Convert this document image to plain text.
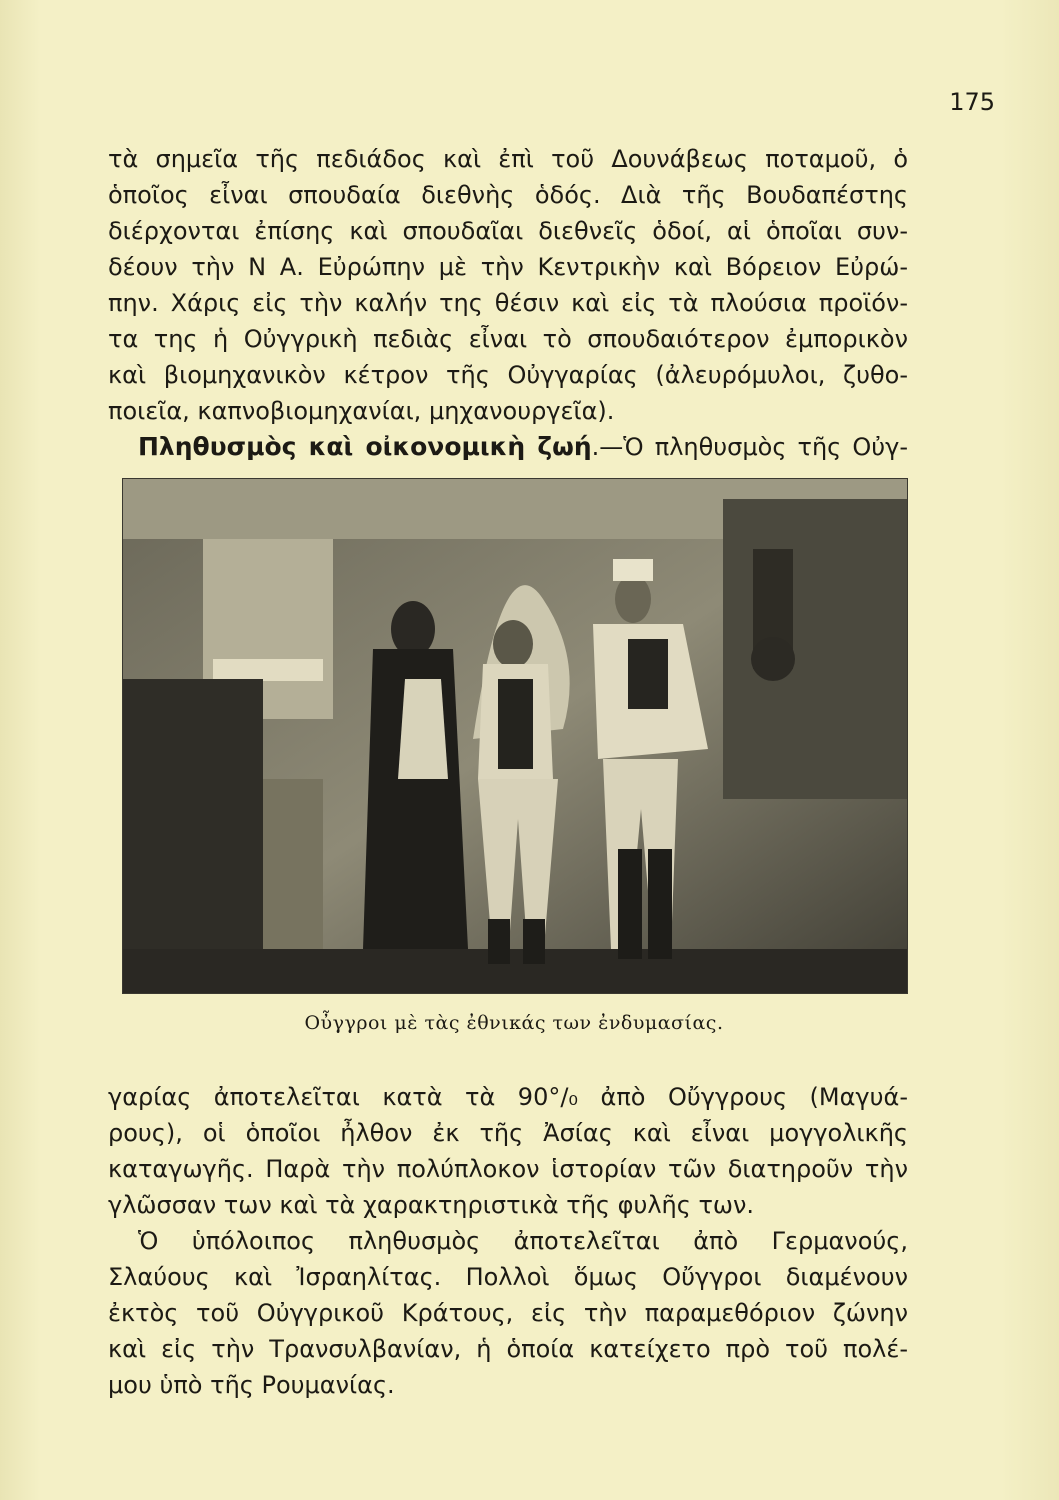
175
τὰ σημεῖα τῆς πεδιάδος καὶ ἐπὶ τοῦ Δουνάβεως ποταμοῦ, ὁ
ὁποῖος εἶναι σπουδαία διεθνὴς ὁδός. Διὰ τῆς Βουδαπέστης
διέρχονται ἐπίσης καὶ σπουδαῖαι διεθνεῖς ὁδοί, αἱ ὁποῖαι συν-
δέουν τὴν Ν Α. Εὐρώπην μὲ τὴν Κεντρικὴν καὶ Βόρειον Εὐρώ-
πην. Χάρις εἰς τὴν καλήν της θέσιν καὶ εἰς τὰ πλούσια προϊόν-
τα της ἡ Οὐγγρικὴ πεδιὰς εἶναι τὸ σπουδαιότερον ἐμπορικὸν
καὶ βιομηχανικὸν κέτρον τῆς Οὐγγαρίας (ἀλευρόμυλοι, ζυθο-
ποιεῖα, καπνοβιομηχανίαι, μηχανουργεῖα).
Πληθυσμὸς καὶ οἰκονομικὴ ζωή.—Ὁ πληθυσμὸς τῆς Οὐγ-
Οὖγγροι μὲ τὰς ἐθνικάς των ἐνδυμασίας.
γαρίας ἀποτελεῖται κατὰ τὰ 90°/₀ ἀπὸ Οὔγγρους (Μαγυά-
ρους), οἱ ὁποῖοι ἦλθον ἐκ τῆς Ἀσίας καὶ εἶναι μογγολικῆς
καταγωγῆς. Παρὰ τὴν πολύπλοκον ἱστορίαν τῶν διατηροῦν τὴν
γλῶσσαν των καὶ τὰ χαρακτηριστικὰ τῆς φυλῆς των.
Ὁ ὑπόλοιπος πληθυσμὸς ἀποτελεῖται ἀπὸ Γερμανούς,
Σλαύους καὶ Ἰσραηλίτας. Πολλοὶ ὅμως Οὔγγροι διαμένουν
ἐκτὸς τοῦ Οὐγγρικοῦ Κράτους, εἰς τὴν παραμεθόριον ζώνην
καὶ εἰς τὴν Τρανσυλβανίαν, ἡ ὁποία κατείχετο πρὸ τοῦ πολέ-
μου ὑπὸ τῆς Ρουμανίας.
